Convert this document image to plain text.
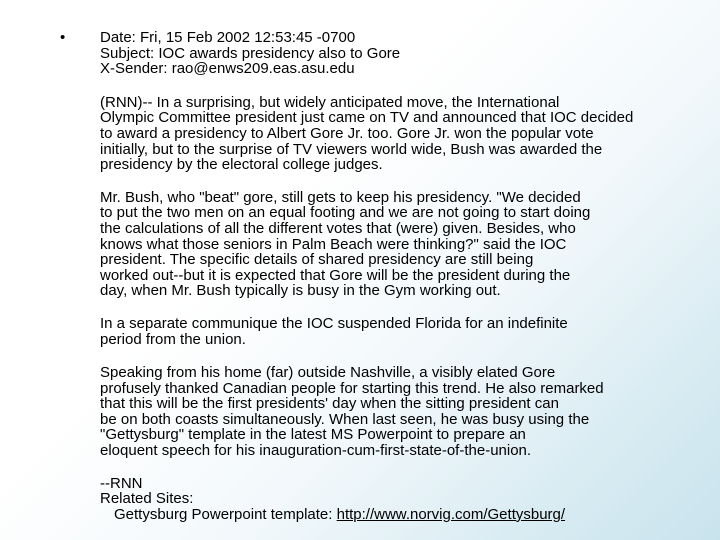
• Date: Fri, 15 Feb 2002 12:53:45 -0700
Subject: IOC awards presidency also to Gore
X-Sender: rao@enws209.eas.asu.edu

(RNN)-- In a surprising, but widely anticipated move, the International
Olympic Committee president just came on TV and announced that IOC decided
to award a presidency to Albert Gore Jr. too. Gore Jr. won the popular vote
initially, but to the surprise of TV viewers world wide, Bush was awarded the
presidency by the electoral college judges.

Mr. Bush, who "beat" gore, still gets to keep his presidency. "We decided
to put the two men on an equal footing and we are not going to start doing
the calculations of all the different votes that (were) given. Besides, who
knows what those seniors in Palm Beach were thinking?" said the IOC
president. The specific details of shared presidency are still being
worked out--but it is expected that Gore will be the president during the
day, when Mr. Bush typically is busy in the Gym working out.

In a separate communique the IOC suspended Florida for an indefinite
period from the union.

Speaking from his home (far) outside Nashville, a visibly elated Gore
profusely thanked Canadian people for starting this trend. He also remarked
that this will be the first presidents' day when the sitting president can
be on both coasts simultaneously. When last seen, he was busy using the
"Gettysburg" template in the latest MS Powerpoint to prepare an
eloquent speech for his inauguration-cum-first-state-of-the-union.

--RNN
Related Sites:
Gettysburg Powerpoint template: http://www.norvig.com/Gettysburg/
